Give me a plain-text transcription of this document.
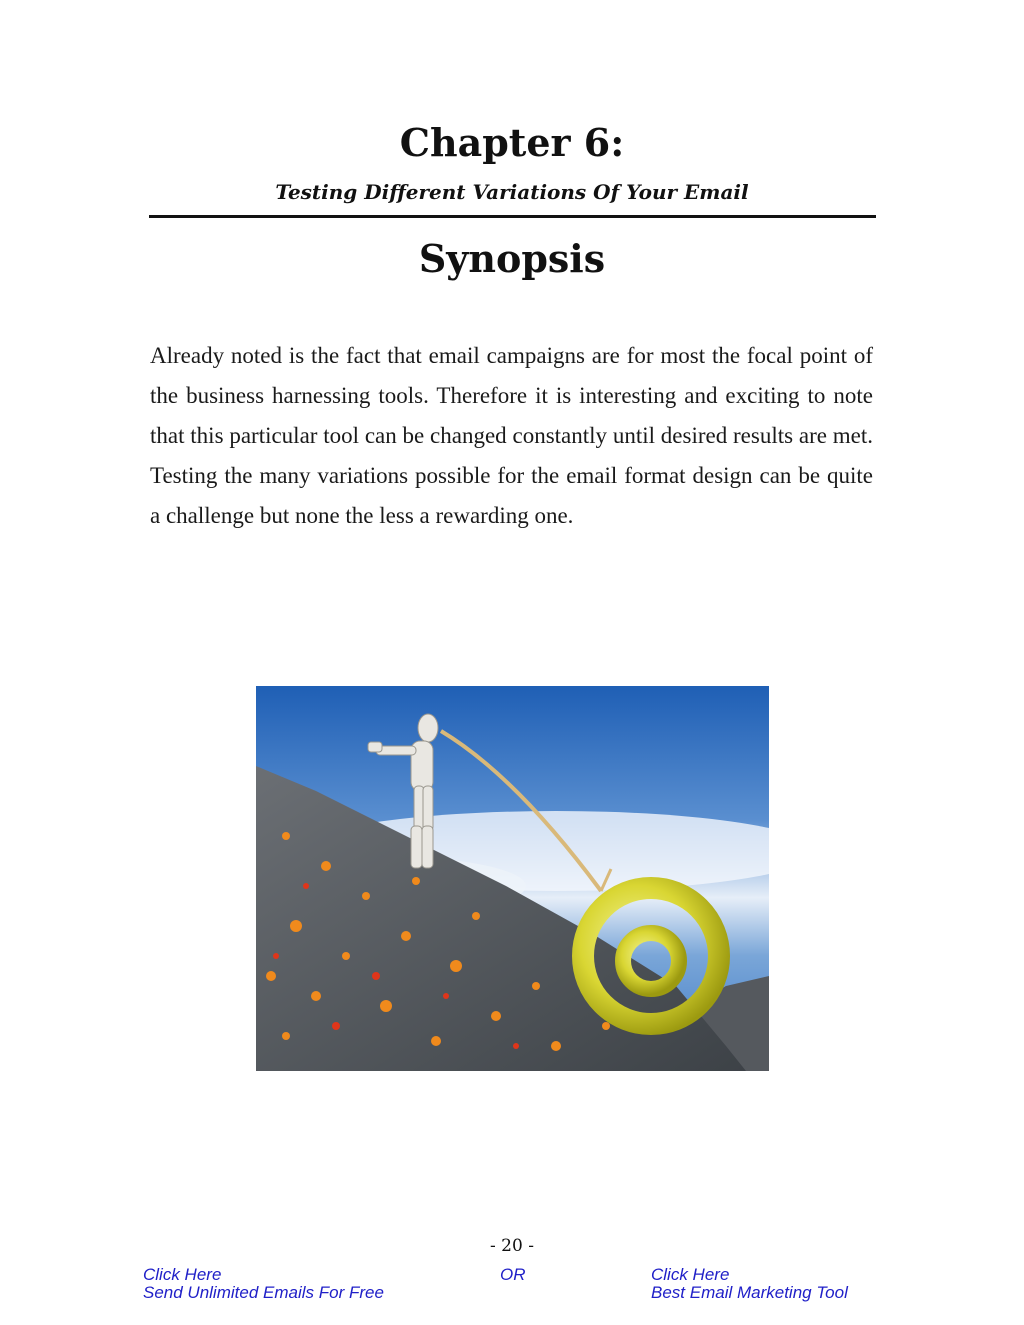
Chapter 6:
Testing Different Variations Of Your Email
Synopsis
Already noted is the fact that email campaigns are for most the focal point of the business harnessing tools. Therefore it is interesting and exciting to note that this particular tool can be changed constantly until desired results are met. Testing the many variations possible for the email format design can be quite a challenge but none the less a rewarding one.
- 20 -
Click Here
Send Unlimited Emails For Free
OR	Click Here
Best Email Marketing Tool
